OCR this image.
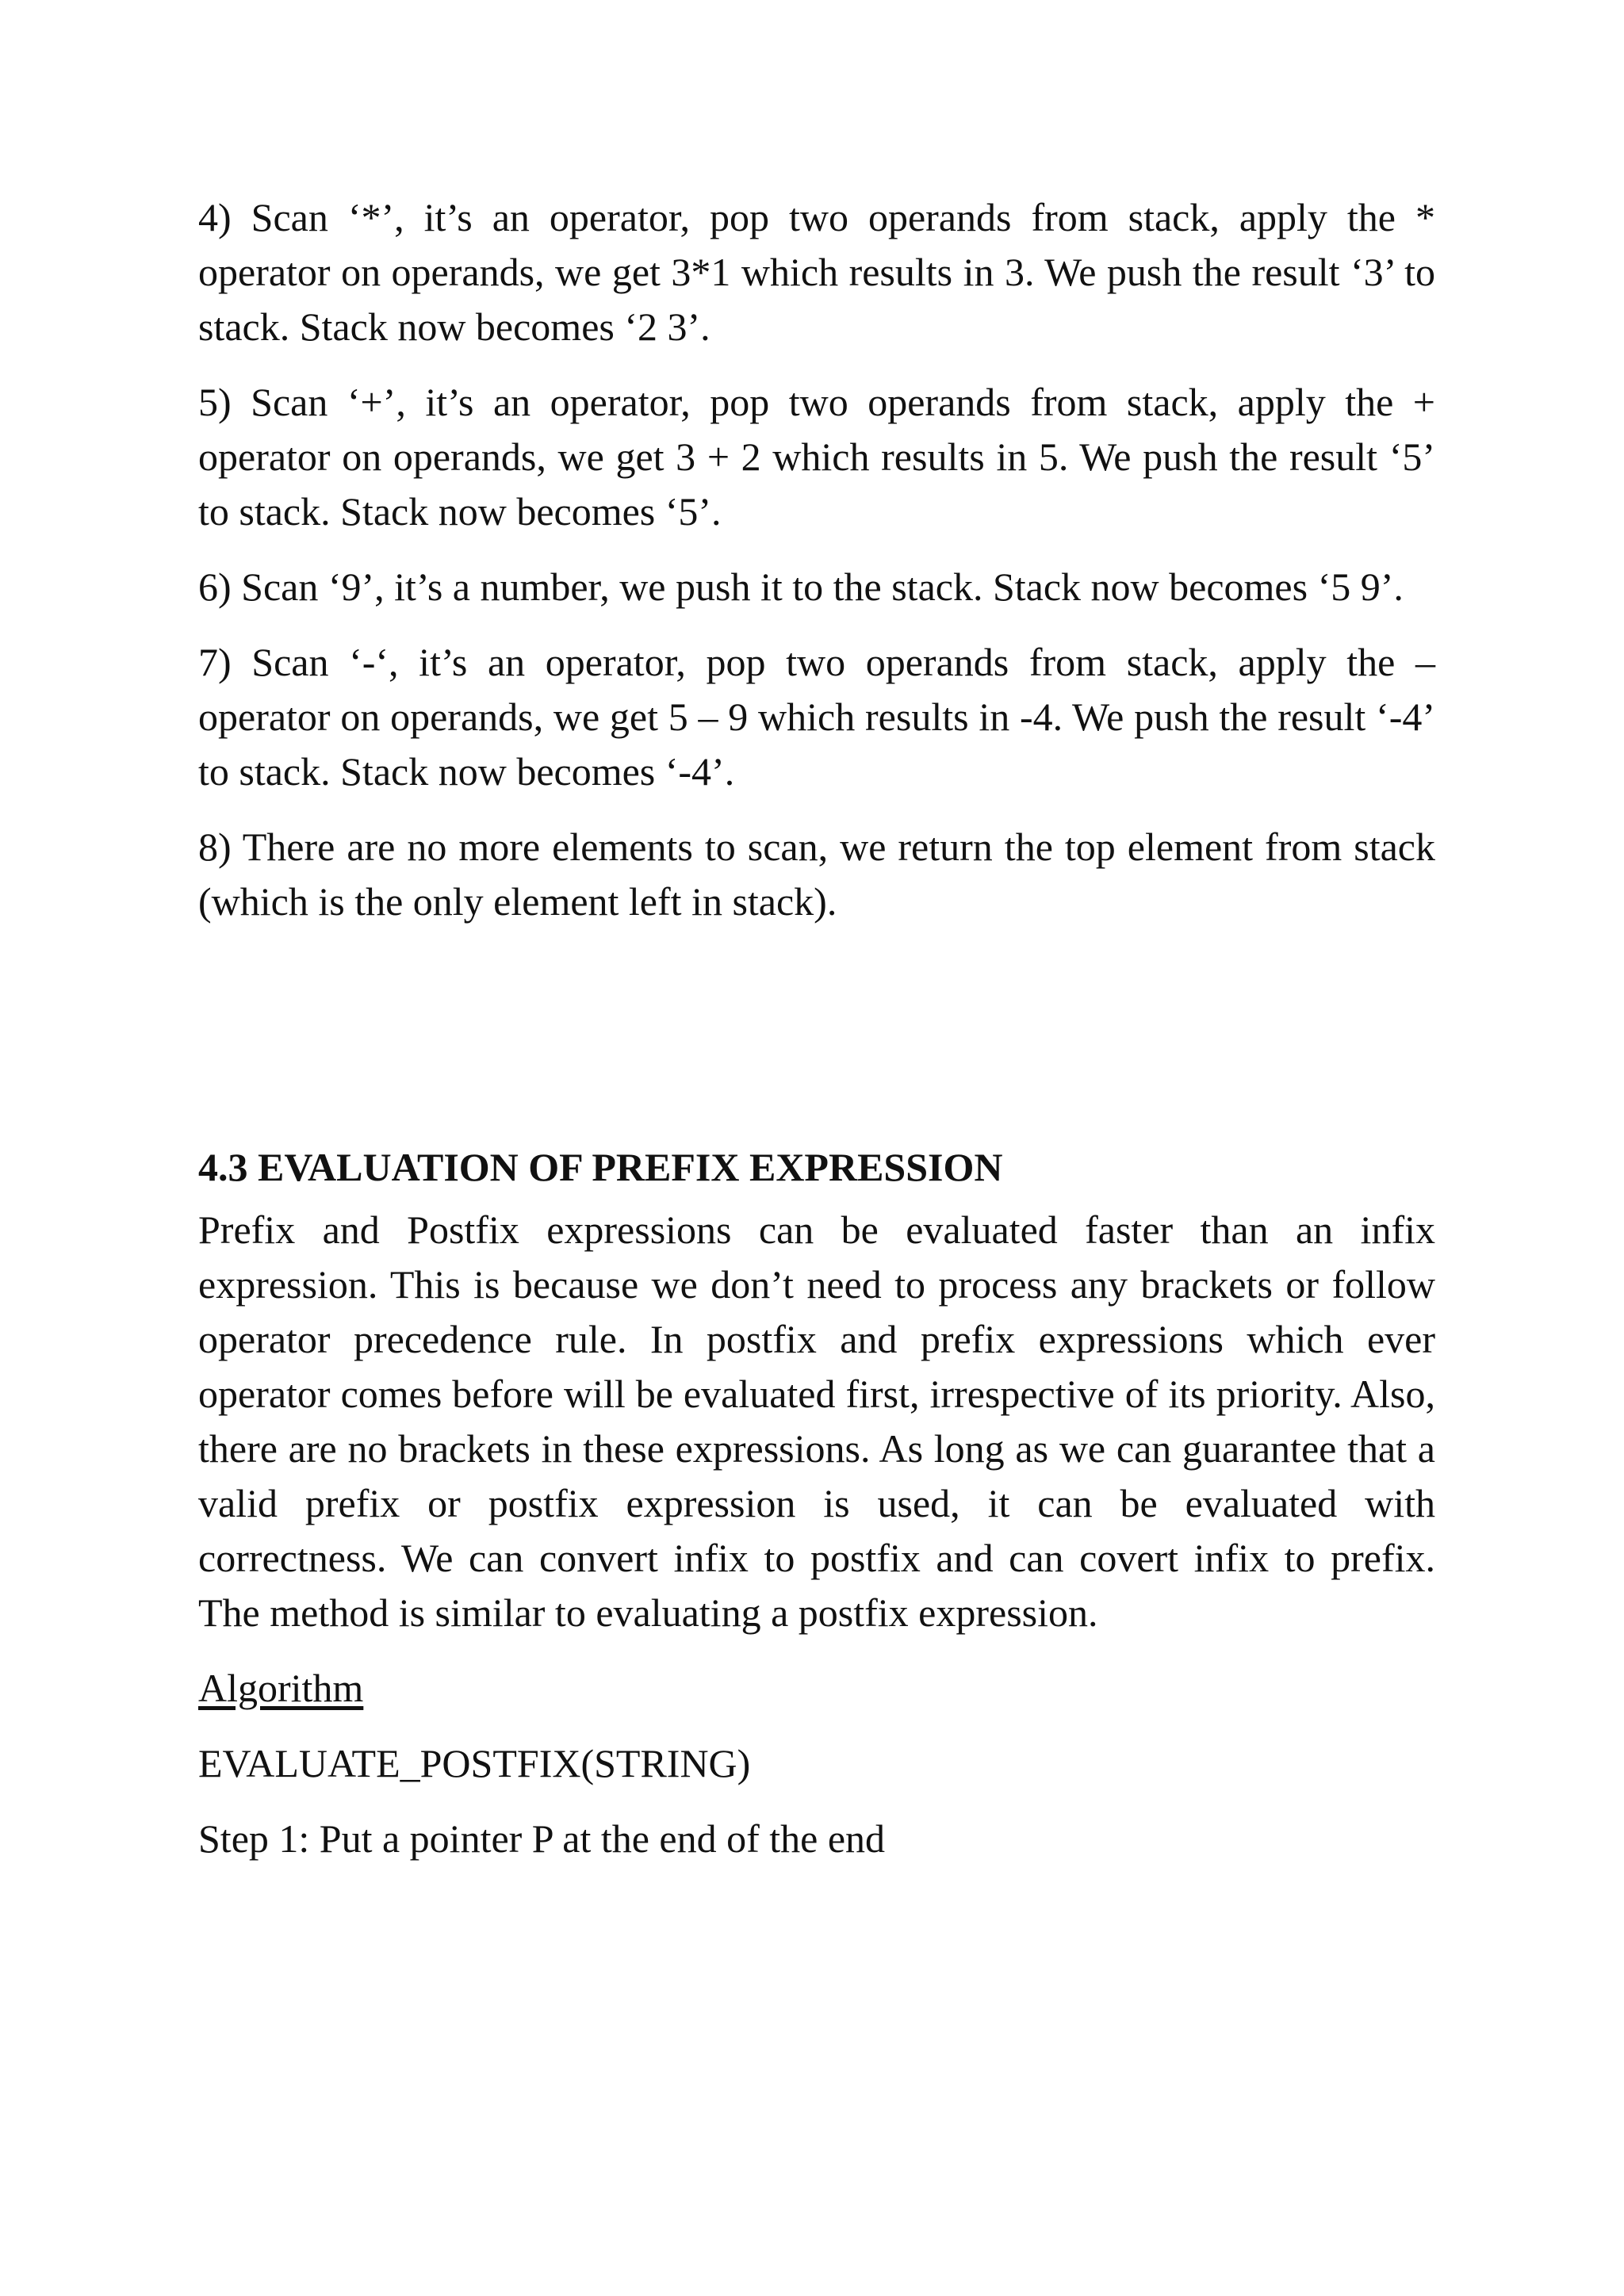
4) Scan ‘*’, it’s an operator, pop two operands from stack, apply the * operator on operands, we get 3*1 which results in 3. We push the result ‘3’ to stack. Stack now becomes ‘2 3’.

5) Scan ‘+’, it’s an operator, pop two operands from stack, apply the + operator on operands, we get 3 + 2 which results in 5. We push the result ‘5’ to stack. Stack now becomes ‘5’.

6) Scan ‘9’, it’s a number, we push it to the stack. Stack now becomes ‘5 9’.

7) Scan ‘-‘, it’s an operator, pop two operands from stack, apply the – operator on operands, we get 5 – 9 which results in -4. We push the result ‘-4’ to stack. Stack now becomes ‘-4’.

8) There are no more elements to scan, we return the top element from stack (which is the only element left in stack).

4.3 EVALUATION OF PREFIX EXPRESSION

Prefix and Postfix expressions can be evaluated faster than an infix expression. This is because we don’t need to process any brackets or follow operator precedence rule. In postfix and prefix expressions which ever operator comes before will be evaluated first, irrespective of its priority. Also, there are no brackets in these expressions. As long as we can guarantee that a valid prefix or postfix expression is used, it can be evaluated with correctness. We can convert infix to postfix and can covert infix to prefix. The method is similar to evaluating a postfix expression.

Algorithm

EVALUATE_POSTFIX(STRING)

Step 1: Put a pointer P at the end of the end
